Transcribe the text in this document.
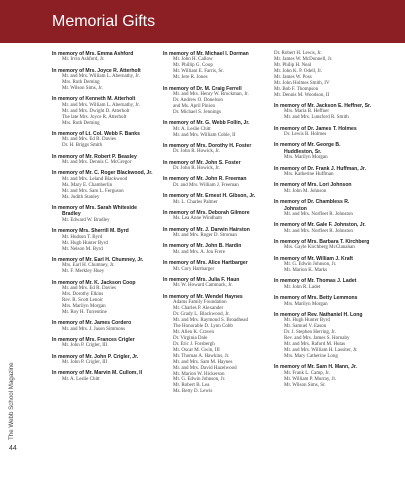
Memorial Gifts
In memory of Mrs. Emma Ashford
Mr. Irvin Ashford, Jr.
In memory of Mrs. Joyce R. Atterholt
Mr. and Mrs. William L. Abernathy, Jr.
Mrs. Ruth Deming
Mr. Wilson Sims, Jr.
In memory of Kenneth M. Atterholt
Mr. and Mrs. William L. Abernathy, Jr.
Mr. and Mrs. Dwight D. Atterholt
The late Mrs. Joyce R. Atterholt
Mrs. Ruth Deming
In memory of Lt. Col. Webb F. Banks
Mr. and Mrs. Ed R. Davies
Dr. H. Briggs Smith
In memory of Mr. Robert P. Beasley
Mr. and Mrs. Dennis C. McGregor
In memory of Mr. C. Roger Blackwood, Jr.
Mr. and Mrs. Leland Blackwood
Ms. Mary E. Chamberlin
Mr. and Mrs. Sam L. Ferguson
Ms. Judith Stanley
In memory of Mrs. Sarah Whiteside
Bradley
Mr. Edward W. Bradley
In memory Mrs. Sherrill M. Byrd
Mr. Hudson T. Byrd
Mr. Hugh Hunter Byrd
Mr. Nelson M. Byrd
In memory of Mr. Earl H. Chumney, Jr.
Mrs. Earl H. Chumney, Jr.
Mr. F. Merkley Huey
In memory of Mr. K. Jackson Coop
Mr. and Mrs. Ed R. Davies
Mrs. Dorothy Elkins
Rev. R. Scott Lenoir
Mrs. Marilyn Morgan
Mr. Roy H. Turrentine
In memory of Mr. James Cordero
Mr. and Mrs. J. Jason Simmons
In memory of Mrs. Frances Crigler
Mr. John P. Crigler, III
In memory of Mr. John P. Crigler, Jr.
Mr. John P. Crigler, III
In memory of Mr. Marvin M. Cullom, II
Mr. A. Leslie Chitt
In memory of Mr. Michael I. Dorman
Mr. John H. Callow
Mr. Phillip G. Coop
Mr. William E. Farris, Sr.
Mr. Jere R. Jones
In memory of Dr. M. Craig Ferrell
Mr. and Mrs. Henry W. Brockman, Jr.
Dr. Andrew O. Donelson
and Ms. April Pinion
Dr. Michael S. Jennings
In memory of Mr. G. Webb Follin, Jr.
Mr. A. Leslie Chitt
Mr. and Mrs. William Coble, II
In memory of Mrs. Dorothy H. Foster
Dr. John R. Howick, Jr.
In memory of Mr. John S. Foster
Dr. John R. Howick, Jr.
In memory of Mr. John R. Freeman
Dr. and Mrs. William J. Freeman
In memory of Mr. Ernest H. Gibson, Jr.
Mr. L. Charles Palmer
In memory of Mrs. Deborah Gilmore
Ms. Lea Anne Windham
In memory of Mr. J. Darwin Hairston
Mr. and Mrs. Roger D. Stroman
In memory of Mr. John B. Hardin
Mr. and Mrs. A. Jon Frere
In memory of Mrs. Alice Hartbarger
Mr. Cory Hartbarger
In memory of Mrs. Julia F. Haun
Mr. W. Howard Cammack, Jr.
In memory of Mr. Wendel Haynes
Adams Family Foundation
Mr. Charles P. Alexander
Dr. Grady L. Blackwood, Jr.
Mr. and Mrs. Raymond S. Broadhead
The Honorable D. Lynn Cobb
Mr. Allen K. Craven
Dr. Virginia Dale
Dr. Eric J. Forsbergh
Mr. Oscar M. Gwin, III
Mr. Thomas A. Hawkins, Jr.
Mr. and Mrs. Sam M. Haynes
Mr. and Mrs. David Hazelwood
Mr. Marion W. Hickerson
Mr. G. Edwin Johnson, Jr.
Mr. Robert B. Lea
Ms. Betty D. Lewis
Dr. Robert H. Lewis, Jr.
Mr. James W. McDonnell, Jr.
Mr. Philip H. Neal
Mr. John K. P. Odell, Jr.
Mr. James W. Poss
Mr. John Holmes Smith, IV
Mr. Bob F. Thompson
Mr. Dennis M. Woodson, II
In memory of Mr. Jackson E. Heffner, Sr.
Mrs. Maria B. Heffner
Mr. and Mrs. Lunsford R. Smith
In memory of Dr. James T. Holmes
Dr. Lewis B. Holmes
In memory of Mr. George B.
Huddleston, Sr.
Mrs. Marilyn Morgan
In memory of Dr. Frank J. Huffman, Jr.
Mrs. Katherine Huffman
In memory of Mrs. Lori Johnson
Mr. John M. Johnson
In memory of Dr. Chambless R.
Johnston
Mr. and Mrs. Norfleet R. Johnston
In memory of Mr. Gale F. Johnston, Jr.
Mr. and Mrs. Norfleet R. Johnston
In memory of Mrs. Barbara T. Kirchberg
Mrs. Gayle Kirchberg McClanahan
In memory of Mr. William J. Kraft
Mr. G. Edwin Johnson, Jr.
Mr. Marion K. Marks
In memory of Mr. Thomas J. Ladet
Mr. John R. Ladet
In memory of Mrs. Betty Lemmons
Mrs. Marilyn Morgan
In memory of Rev. Nathaniel H. Long
Mr. Hugh Hunter Byrd
Mr. Samuel V. Eason
Dr. J. Stephen Herring, Jr.
Rev. and Mrs. James S. Hornaby
Mr. and Mrs. Raford M. Hutas
Mr. and Mrs. William H. Lassiter, Jr.
Mrs. Mary Catherine Long
In memory of Mr. Sam H. Mann, Jr.
Mr. Frank L. Camp, Jr.
Mr. William P. Murray, Jr.
Mr. Wilson Sims, Sr.
The Webb School Magazine
44
